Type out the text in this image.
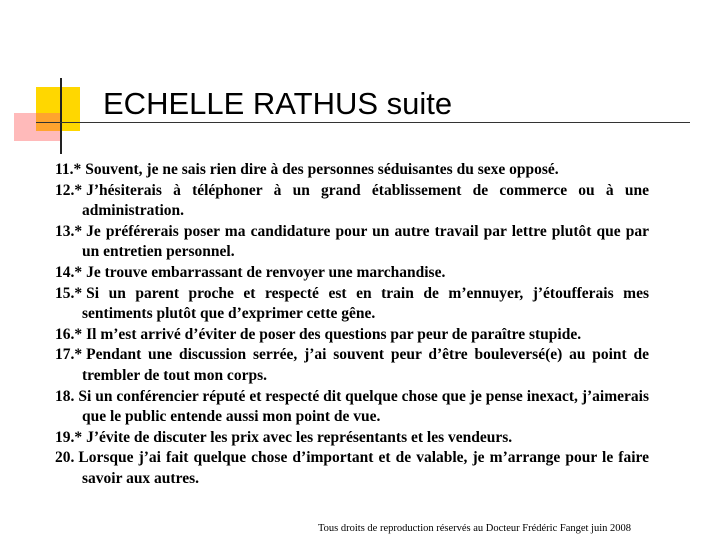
ECHELLE RATHUS suite
11.* Souvent, je ne sais rien dire à des personnes séduisantes du sexe opposé.
12.* J’hésiterais à téléphoner à un grand établissement de commerce ou à une administration.
13.* Je préférerais poser ma candidature pour un autre travail par lettre plutôt que par un entretien personnel.
14.* Je trouve embarrassant de renvoyer une marchandise.
15.* Si un parent proche et respecté est en train de m’ennuyer, j’étoufferais mes sentiments plutôt que d’exprimer cette gêne.
16.* Il m’est arrivé d’éviter de poser des questions par peur de paraître stupide.
17.* Pendant une discussion serrée, j’ai souvent peur d’être bouleversé(e) au point de trembler de tout mon corps.
18. Si un conférencier réputé et respecté dit quelque chose que je pense inexact, j’aimerais que le public entende aussi mon point de vue.
19.* J’évite de discuter les prix avec les représentants et les vendeurs.
20. Lorsque j’ai fait quelque chose d’important et de valable, je m’arrange pour le faire savoir aux autres.
Tous droits de reproduction réservés au Docteur Frédéric Fanget juin 2008
